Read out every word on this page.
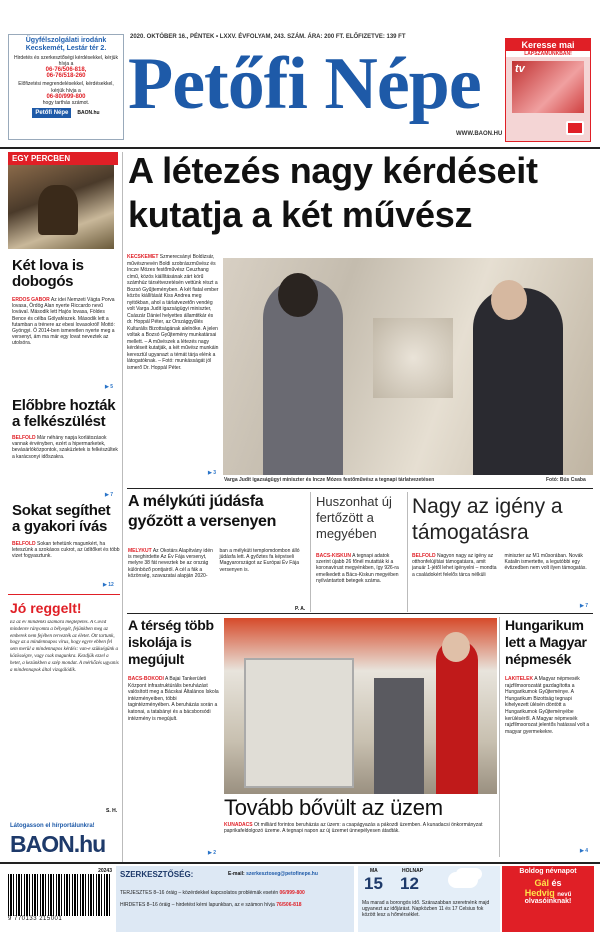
Ügyfélszolgálati irodánk Kecskemét, Lestár tér 2.
Hirdetés és szerkesztőségi kérdésekkel, kérjük hívja a
06-76/506-818,
06-76/518-260
Előfizetési megrendelésekkel, kérdésekkel, kérjük hívja a
06-80/999-800
hogy tarthás számot.
Petőfi Népe	BAON.hu
2020. OKTÓBER 16., PÉNTEK • LXXV. ÉVFOLYAM, 243. SZÁM. ÁRA: 200 FT. ELŐFIZETVE: 139 FT
Petőfi Népe
WWW.BAON.HU
Keresse mai
LAPSZÁMUNKBAN!
tv
EGY PERCBEN
Két lova is dobogós
ERDŐS GÁBOR Az idei Nemzeti Vágta Porva lovasa, Ördög Alan nyerte Riccardo nevű lovával. Második lett Hajós lovasa, Földes Bence és célba Gólyafészek. Második lett a futamban a trénere az ebesi lovasokról! Mottó: Gyöngyi. Ő 2014-ben ismeretlen nyerte meg a versenyt, ám ma már egy lovat neveztek az utolsóra.
▶ 5
Előbbre hozták a felkészülést
BELFÖLD Már néhány napja korlátozások vannak érvényben, ezért a hipermarketek, bevásárlóközpontok, szaküzletek is felkészültek a karácsonyi időszakra.
▶ 7
Sokat segíthet a gyakori ívás
BELFÖLD Sokan tehetünk magunkért, ha leteszünk a szokásos cukrot, az üdítőket és több vizet fogyasztunk.
▶ 12
Jó reggelt!
Ez az év mindenki számára meglepetés. A Covid mindenre rányomta a bélyegét, fejünkben meg az emberek nem fejében tervezték az életet. Ott tartunk, hogy az a mindennapos vírus, hogy egyre ebben fel sem merül a mindennapos kérdés: van-e szükségünk a közösségre, vagy csak magunkra. Kezdjük ezzel a hetet, a kezünkben a szép mondat. A mérkőzés ugyanis a mindennapok által vizsgálódik.
S. H.
Látogasson el hírportálunkra!
BAON.hu
A létezés nagy kérdéseit
kutatja a két művész
KECSKEMÉT Szmerecsányi Boldizsár, művésznevén Boldi szobrászművész és Incze Mózes festőművész Ceuzhang című, közös kiállításának zárt körű számhúz társétvezetésén vettünk részt a Bozsó Gyűjteményben. A két fiatal ember közös kiállítását Kiss Andrea meg nyitókban, ahol a tárlatvezetőn vendég volt Varga Judit igazságügyi miniszter, Császár Dániel helyettes államtitkár és dr. Hoppál Péter, az Országgyűlés Kulturális Bizottságának alelnöke. A jelen voltak a Bozsó Gyűjtemény munkatársai mellett. – A művészek a létezés nagy kérdéseit kutatják, a két művész munkáin keresztül ugyanazt a témát tárja elénk a látogatóknak. – Fotó: munkásságát jól ismerő Dr. Hoppál Péter.
Varga Judit igazságügyi miniszter és Incze Mózes festőművész a tegnapi tárlatvezetésen	Fotó: Bús Csaba
▶ 3
A mélykúti júdásfa győzött a versenyen
MÉLYKÚT Az Ökotárs Alapítvány idén is meghirdette Az Év Fája versenyt, melyre 38 fát neveztek be az ország különböző pontjairól. A cél a fák a közönség, szavazatai alapján 2020-ban a mélykúti templomdombon álló júdásfa lett. A győztes fa képviseli Magyarországot az Európai Év Fája versenyen is.
P. A.
Huszonhat új fertőzött a megyében
BÁCS-KISKUN A tegnapi adatok szerint újabb 26 főnél mutatták ki a koronavírust megyénkben, így 926-ra emelkedett a Bács-Kiskun megyében nyilvántartott betegek száma.
Nagy az igény a támogatásra
BELFÖLD Nagyon nagy az igény az otthonfelújítási támogatásra, amit január 1-jétől lehet igényelni – mondta a családokért felelős tárca nélküli miniszter az M1 műsorában. Novák Katalin ismertette, a legutóbbi egy évtizedben nem volt ilyen támogatás.
▶ 7
A térség több iskolája is megújult
BÁCS-BOKODI A Bajai Tankerületi Központ infrastruktúrális beruházást valósított meg a Bácskai Általános Iskola intézményeiben, többi tagintézményében. A beruházás során a katonai, a tatabányi és a bácsborsódi intézmény is megújult.
▶ 2
Tovább bővült az üzem
KUNADACS Öt milliárd forintos beruházás az üzem: a csapágyazás a pákozdi üzemben. A kunadacsi önkormányzat paprikafeldolgozó üzeme. A tegnapi napon az új üzemet ünnepélyesen átadták.
Hungarikum lett a Magyar népmesék
LAKITELEK A Magyar népmesék rajzfilmsorozatát gazdagította a Hungarikumok Gyűjteménye. A Hungarikum Bizottság tegnapi kihelyezett ülésén döntött a Hungarikumok Gyűjteményébe kerüléséről. A Magyar népmesék rajzfilmsorozat jelentős hatással volt a magyar gyermekekre.
▶ 4
20243
9 770133 215001
SZERKESZTŐSÉG:	E-mail: szerkesztoseg@petofinepe.hu
TERJESZTÉS 8–16 óráig – közérdekkel kapcsolatos problémák esetén 06/999-800
HIRDETÉS 8–16 óráig – hirdetést kérni lapunkban, az e számon hívja 76/506-818
MA
15
HOLNAP
12
Ma marad a borongós idő. Szárazabban szeretnénk majd ugyanezt az időjárást. Napközben 11 és 17 Celsius fok között lesz a hőmérséklet.
Boldog névnapot
Gál és
Hedvig nevű
olvasóinknak!
